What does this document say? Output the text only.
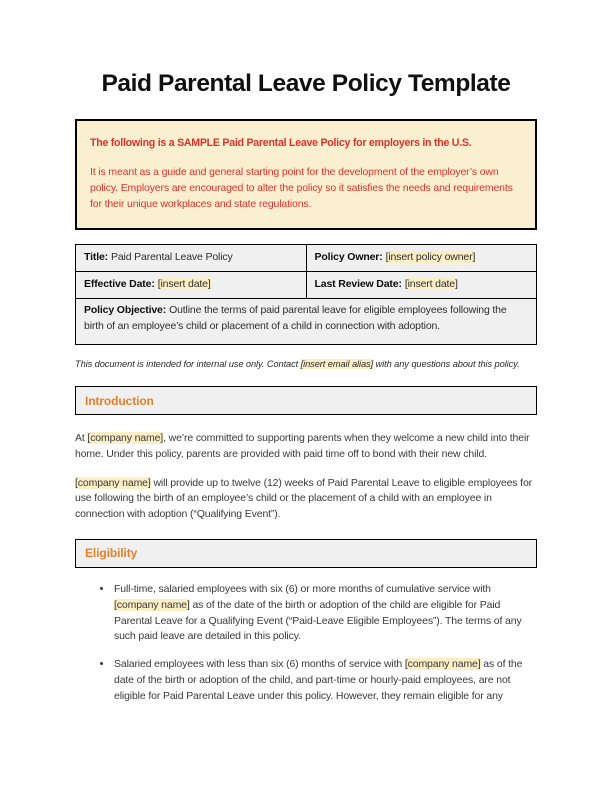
Paid Parental Leave Policy Template

The following is a SAMPLE Paid Parental Leave Policy for employers in the U.S.

It is meant as a guide and general starting point for the development of the employer’s own policy. Employers are encouraged to alter the policy so it satisfies the needs and requirements for their unique workplaces and state regulations.

Title: Paid Parental Leave Policy	Policy Owner: [insert policy owner]
Effective Date: [insert date]	Last Review Date: [insert date]
Policy Objective: Outline the terms of paid parental leave for eligible employees following the birth of an employee’s child or placement of a child in connection with adoption.	

This document is intended for internal use only. Contact [insert email alias] with any questions about this policy.

Introduction

At [company name], we’re committed to supporting parents when they welcome a new child into their home. Under this policy, parents are provided with paid time off to bond with their new child.

[company name] will provide up to twelve (12) weeks of Paid Parental Leave to eligible employees for use following the birth of an employee’s child or the placement of a child with an employee in connection with adoption (“Qualifying Event”).

Eligibility
• Full-time, salaried employees with six (6) or more months of cumulative service with [company name] as of the date of the birth or adoption of the child are eligible for Paid Parental Leave for a Qualifying Event (“Paid-Leave Eligible Employees”). The terms of any such paid leave are detailed in this policy.
• Salaried employees with less than six (6) months of service with [company name] as of the date of the birth or adoption of the child, and part-time or hourly-paid employees, are not eligible for Paid Parental Leave under this policy. However, they remain eligible for any
